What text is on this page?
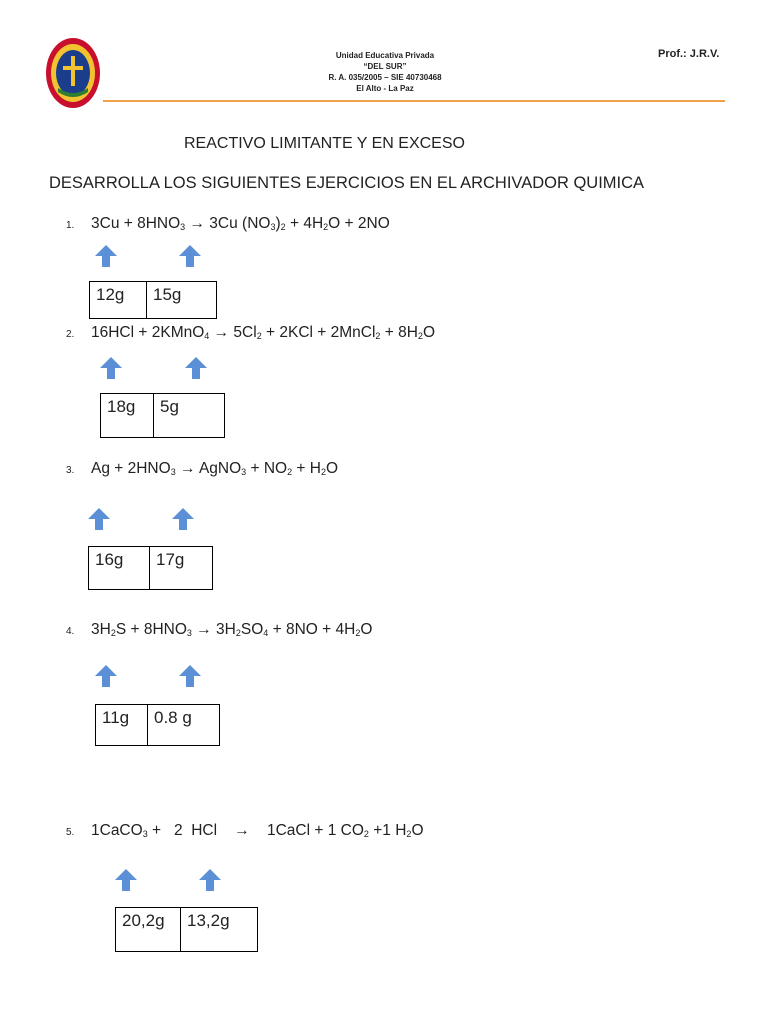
Unidad Educativa Privada
“DEL SUR”
R. A. 035/2005 – SIE 40730468
El Alto - La Paz
Prof.: J.R.V.
REACTIVO LIMITANTE Y EN EXCESO
DESARROLLA LOS SIGUIENTES EJERCICIOS EN EL ARCHIVADOR QUIMICA
1. $3Cu + 8HNO_3 \to 3Cu$ $(NO_3)_2 + 4H_2O + 2NO$
12g	15g
2. 16HCl + 2KMnO$_4$ → $5Cl_2 + 2KCl$ + 2MnCl$_2$ + $8H_2O$
18g	5g
3. $Ag + 2HNO_3$ → AgNO$_3$ + $NO_2 + H_2O$
16g	17g
4. $3H_2S + 8HNO_3 \to 3H_2SO_4 + 8NO + 4H_2O$
11g	0.8 g
5. 1CaCO$_3$ +   2  HCl    →    1CaCl + 1 $CO_2 +1$ $H_2O$
20,2g	13,2g
